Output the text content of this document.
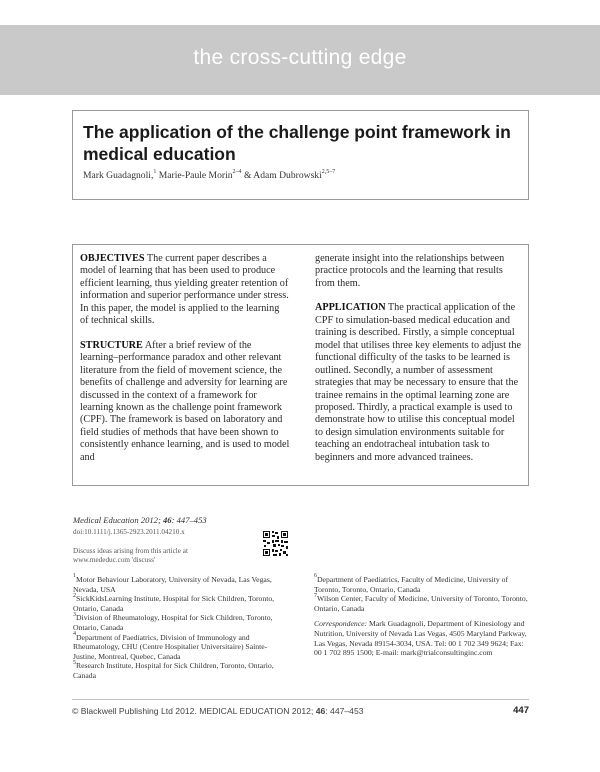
the cross-cutting edge
The application of the challenge point framework in medical education
Mark Guadagnoli,$^1$ Marie-Paule Morin$^{2-4}$ & Adam Dubrowski$^{2,5-7}$

OBJECTIVES The current paper describes a model of learning that has been used to produce efficient learning, thus yielding greater retention of information and superior performance under stress. In this paper, the model is applied to the learning of technical skills.

STRUCTURE After a brief review of the learning–performance paradox and other relevant literature from the field of movement science, the benefits of challenge and adversity for learning are discussed in the context of a framework for learning known as the challenge point framework (CPF). The framework is based on laboratory and field studies of methods that have been shown to consistently enhance learning, and is used to model and

generate insight into the relationships between practice protocols and the learning that results from them.

APPLICATION The practical application of the CPF to simulation-based medical education and training is described. Firstly, a simple conceptual model that utilises three key elements to adjust the functional difficulty of the tasks to be learned is outlined. Secondly, a number of assessment strategies that may be necessary to ensure that the trainee remains in the optimal learning zone are proposed. Thirdly, a practical example is used to demonstrate how to utilise this conceptual model to design simulation environments suitable for teaching an endotracheal intubation task to beginners and more advanced trainees.

Medical Education 2012; 46: 447–453
doi:10.1111/j.1365-2923.2011.04210.x
Discuss ideas arising from this article at
www.mededuc.com 'discuss'
$^1$Motor Behaviour Laboratory, University of Nevada, Las Vegas, Nevada, USA
$^2$SickKidsLearning Institute, Hospital for Sick Children, Toronto, Ontario, Canada
$^3$Division of Rheumatology, Hospital for Sick Children, Toronto, Ontario, Canada
$^4$Department of Paediatrics, Division of Immunology and Rheumatology, CHU (Centre Hospitalier Universitaire) Sainte-Justine, Montreal, Quebec, Canada
$^5$Research Institute, Hospital for Sick Children, Toronto, Ontario, Canada
$^6$Department of Paediatrics, Faculty of Medicine, University of Toronto, Toronto, Ontario, Canada
$^7$Wilson Center, Faculty of Medicine, University of Toronto, Toronto, Ontario, Canada
Correspondence: Mark Guadagnoli, Department of Kinesiology and Nutrition, University of Nevada Las Vegas, 4505 Maryland Parkway, Las Vegas, Nevada 89154-3034, USA. Tel: 00 1 702 349 9624; Fax: 00 1 702 895 1500; E-mail: mark@trialconsultinginc.com
© Blackwell Publishing Ltd 2012. MEDICAL EDUCATION 2012; 46: 447–453	447
